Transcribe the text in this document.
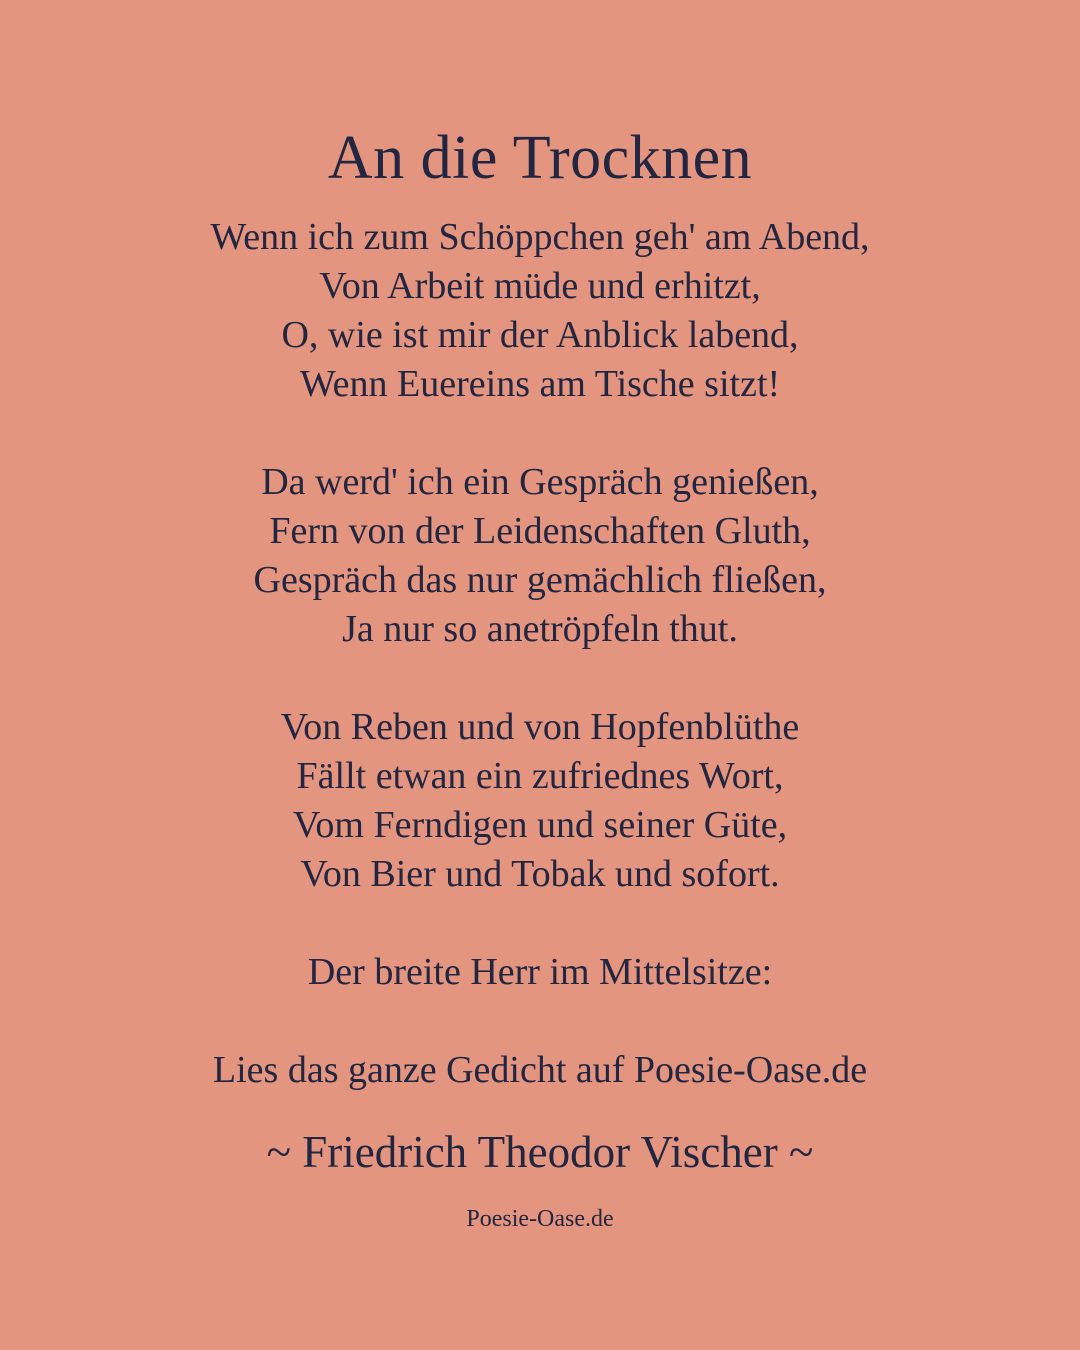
An die Trocknen
Wenn ich zum Schöppchen geh' am Abend,
Von Arbeit müde und erhitzt,
O, wie ist mir der Anblick labend,
Wenn Euereins am Tische sitzt!
Da werd' ich ein Gespräch genießen,
Fern von der Leidenschaften Gluth,
Gespräch das nur gemächlich fließen,
Ja nur so anetröpfeln thut.
Von Reben und von Hopfenblüthe
Fällt etwan ein zufriednes Wort,
Vom Ferndigen und seiner Güte,
Von Bier und Tobak und sofort.
Der breite Herr im Mittelsitze:
Lies das ganze Gedicht auf Poesie-Oase.de
~ Friedrich Theodor Vischer ~
Poesie-Oase.de
